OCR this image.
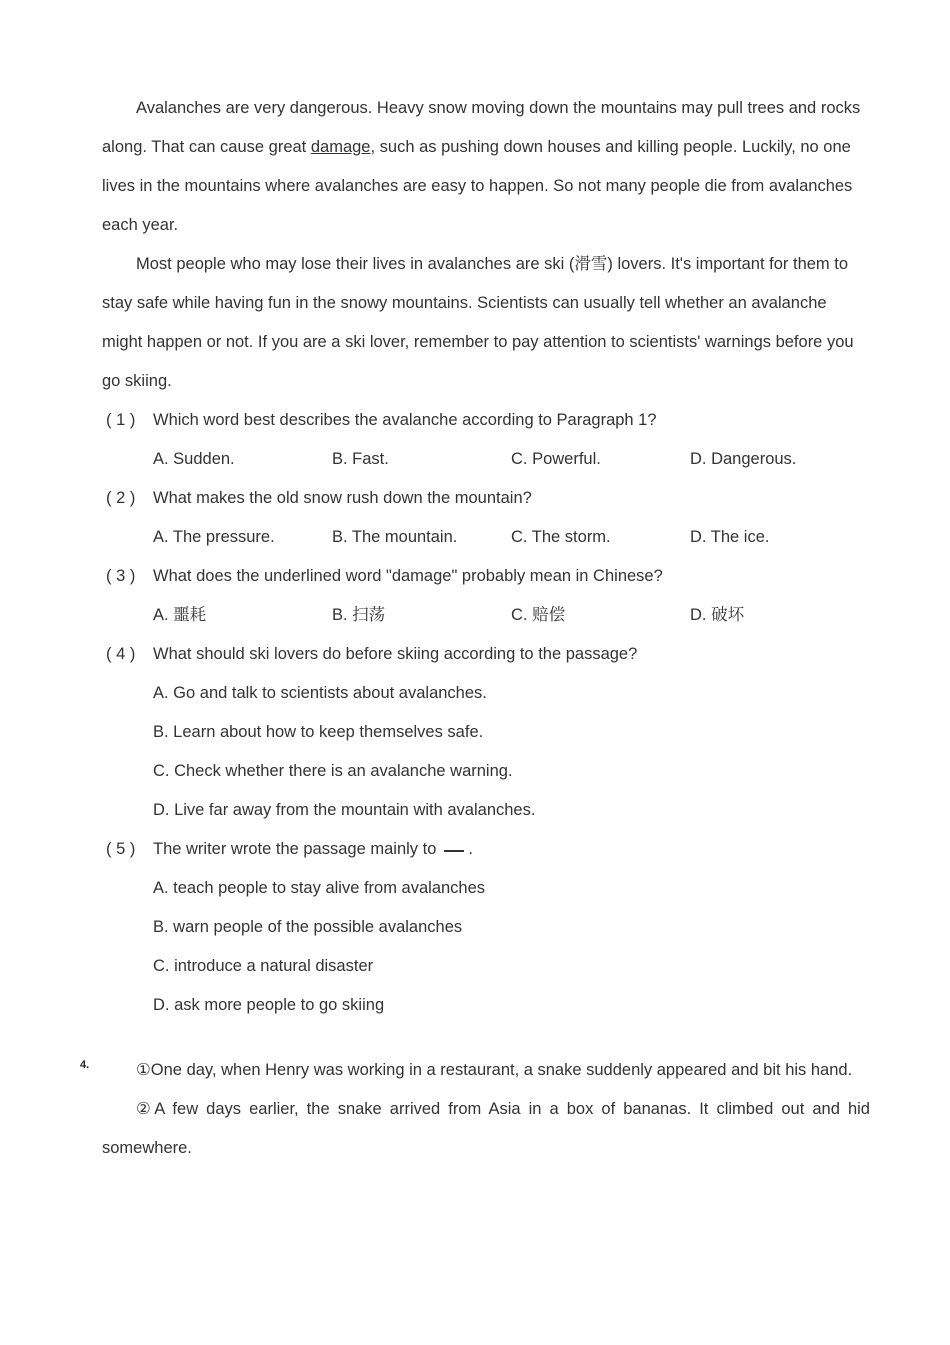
Avalanches are very dangerous. Heavy snow moving down the mountains may pull trees and rocks along. That can cause great damage, such as pushing down houses and killing people. Luckily, no one lives in the mountains where avalanches are easy to happen. So not many people die from avalanches each year.

Most people who may lose their lives in avalanches are ski (滑雪) lovers. It's important for them to stay safe while having fun in the snowy mountains. Scientists can usually tell whether an avalanche might happen or not. If you are a ski lover, remember to pay attention to scientists' warnings before you go skiing.

( 1 ) Which word best describes the avalanche according to Paragraph 1?
A. Sudden.	B. Fast.	C. Powerful.	D. Dangerous.
( 2 ) What makes the old snow rush down the mountain?
A. The pressure.	B. The mountain.	C. The storm.	D. The ice.
( 3 ) What does the underlined word "damage" probably mean in Chinese?
A. 噩耗	B. 扫荡	C. 赔偿	D. 破坏
( 4 ) What should ski lovers do before skiing according to the passage?
A. Go and talk to scientists about avalanches.
B. Learn about how to keep themselves safe.
C. Check whether there is an avalanche warning.
D. Live far away from the mountain with avalanches.
( 5 ) The writer wrote the passage mainly to .
A. teach people to stay alive from avalanches
B. warn people of the possible avalanches
C. introduce a natural disaster
D. ask more people to go skiing
4.	①One day, when Henry was working in a restaurant, a snake suddenly appeared and bit his hand.

②A few days earlier, the snake arrived from Asia in a box of bananas. It climbed out and hid somewhere.
